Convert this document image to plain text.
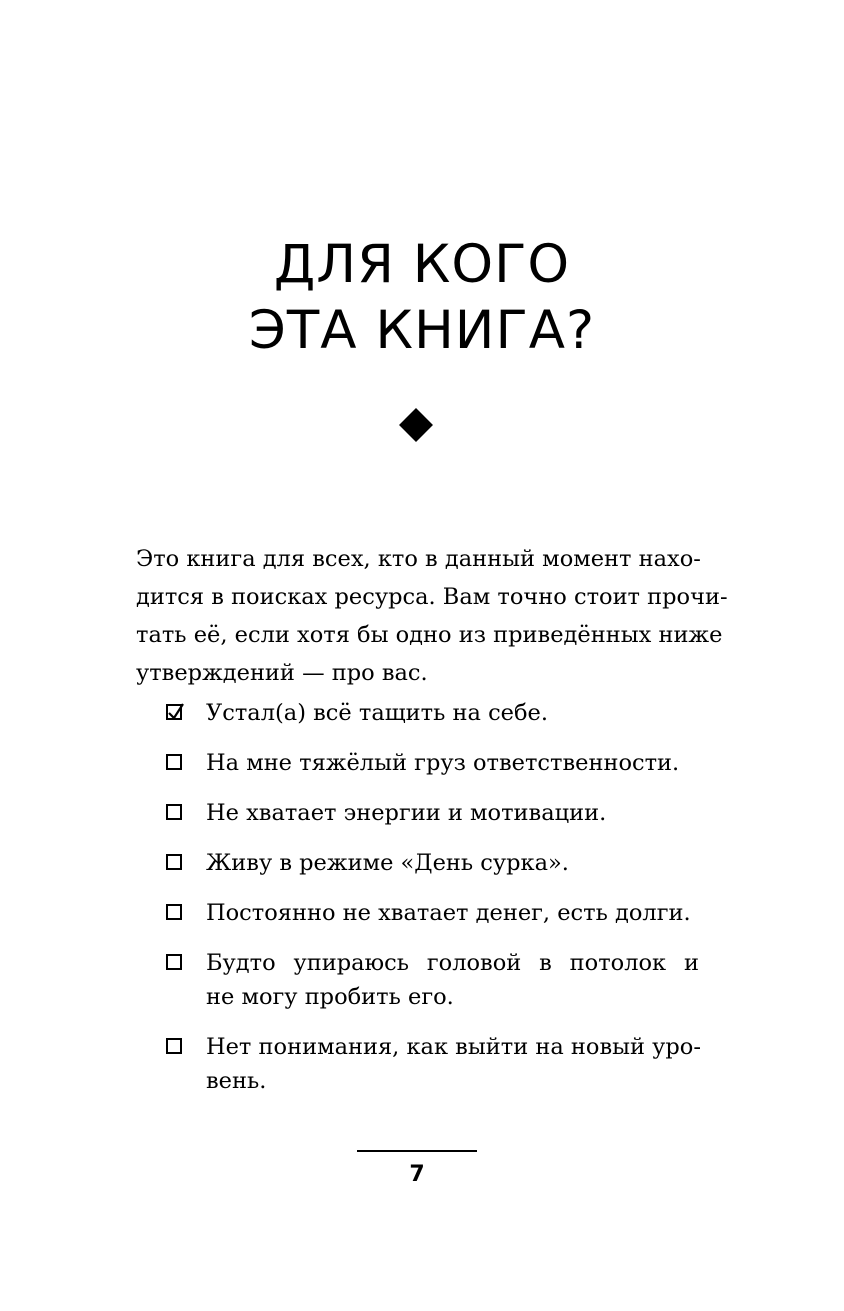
ДЛЯ КОГО
ЭТА КНИГА?

Это книга для всех, кто в данный момент нахо-
дится в поисках ресурса. Вам точно стоит прочи-
тать её, если хотя бы одно из приведённых ниже
утверждений — про вас.

Устал(а) всё тащить на себе.
На мне тяжёлый груз ответственности.
Не хватает энергии и мотивации.
Живу в режиме «День сурка».
Постоянно не хватает денег, есть долги.
Будто упираюсь головой в потолок и
не могу пробить его.
Нет понимания, как выйти на новый уро-
вень.
7
